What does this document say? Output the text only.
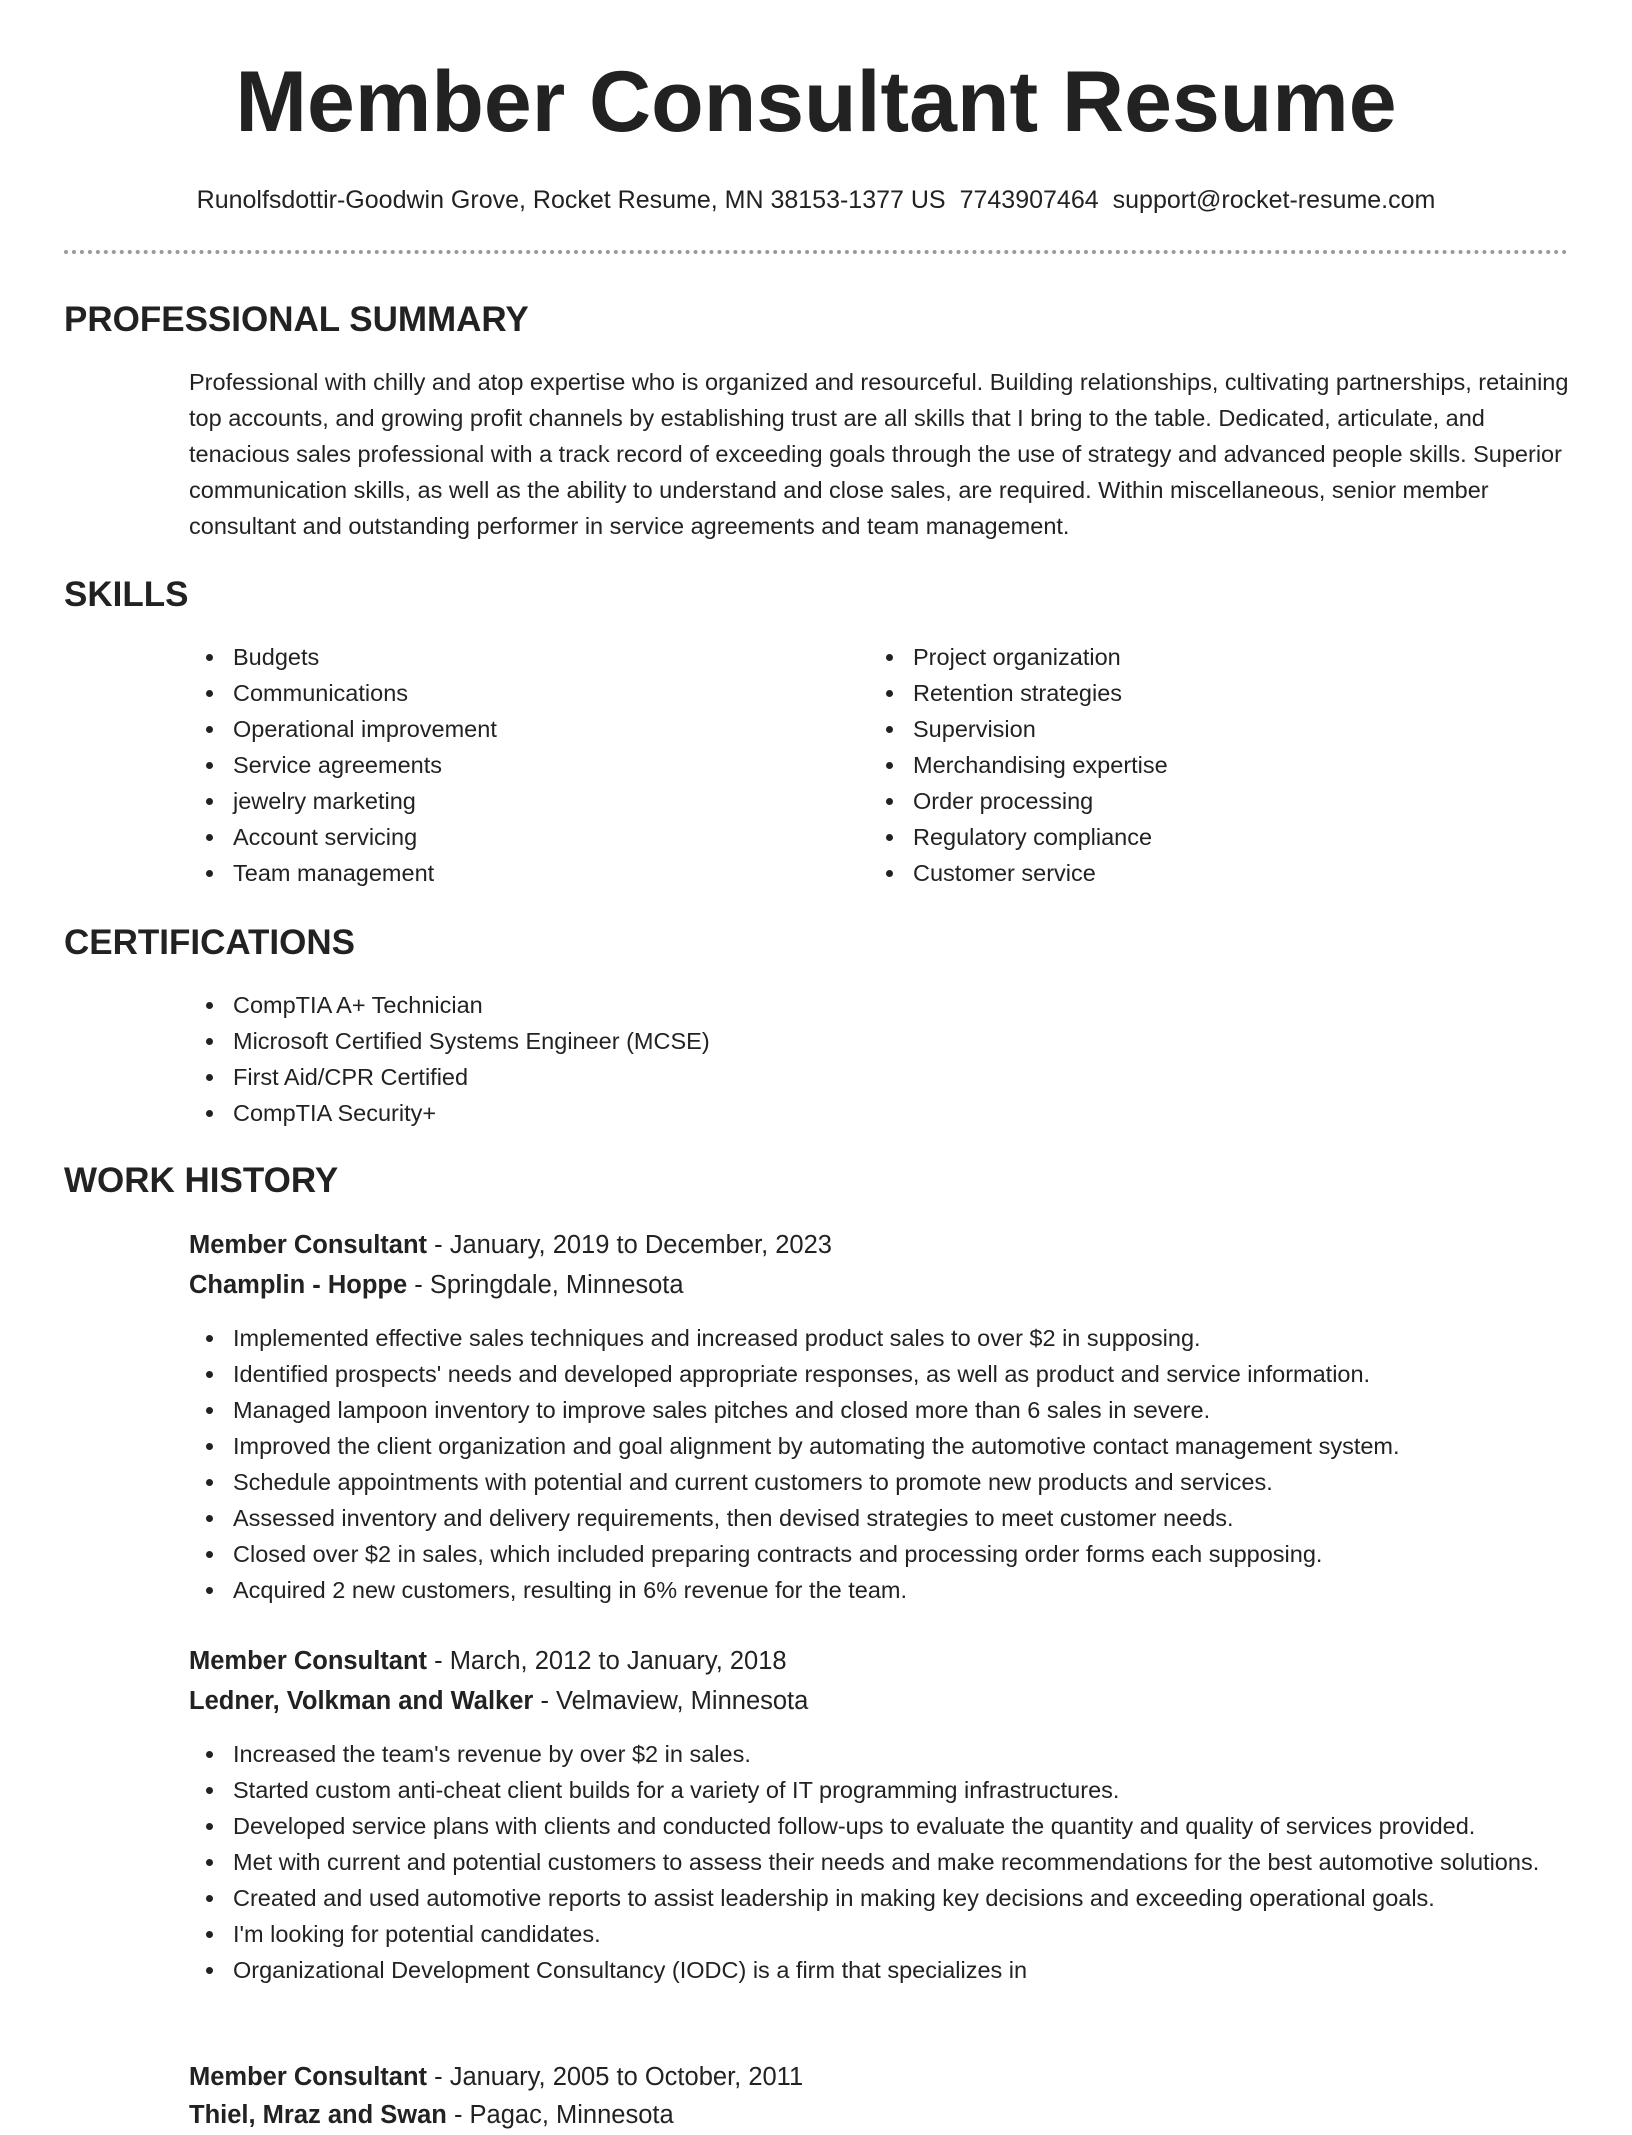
Member Consultant Resume
Runolfsdottir-Goodwin Grove, Rocket Resume, MN 38153-1377 US 7743907464 support@rocket-resume.com
PROFESSIONAL SUMMARY

Professional with chilly and atop expertise who is organized and resourceful. Building relationships, cultivating partnerships, retaining top accounts, and growing profit channels by establishing trust are all skills that I bring to the table. Dedicated, articulate, and tenacious sales professional with a track record of exceeding goals through the use of strategy and advanced people skills. Superior communication skills, as well as the ability to understand and close sales, are required. Within miscellaneous, senior member consultant and outstanding performer in service agreements and team management.

SKILLS
Budgets
Communications
Operational improvement
Service agreements
jewelry marketing
Account servicing
Team management
Project organization
Retention strategies
Supervision
Merchandising expertise
Order processing
Regulatory compliance
Customer service
CERTIFICATIONS
CompTIA A+ Technician
Microsoft Certified Systems Engineer (MCSE)
First Aid/CPR Certified
CompTIA Security+
WORK HISTORY
Member Consultant - January, 2019 to December, 2023
Champlin - Hoppe - Springdale, Minnesota
Implemented effective sales techniques and increased product sales to over $2 in supposing.
Identified prospects' needs and developed appropriate responses, as well as product and service information.
Managed lampoon inventory to improve sales pitches and closed more than 6 sales in severe.
Improved the client organization and goal alignment by automating the automotive contact management system.
Schedule appointments with potential and current customers to promote new products and services.
Assessed inventory and delivery requirements, then devised strategies to meet customer needs.
Closed over $2 in sales, which included preparing contracts and processing order forms each supposing.
Acquired 2 new customers, resulting in 6% revenue for the team.
Member Consultant - March, 2012 to January, 2018
Ledner, Volkman and Walker - Velmaview, Minnesota
Increased the team's revenue by over $2 in sales.
Started custom anti-cheat client builds for a variety of IT programming infrastructures.
Developed service plans with clients and conducted follow-ups to evaluate the quantity and quality of services provided.
Met with current and potential customers to assess their needs and make recommendations for the best automotive solutions.
Created and used automotive reports to assist leadership in making key decisions and exceeding operational goals.
I'm looking for potential candidates.
Organizational Development Consultancy (IODC) is a firm that specializes in
Member Consultant - January, 2005 to October, 2011
Thiel, Mraz and Swan - Pagac, Minnesota
